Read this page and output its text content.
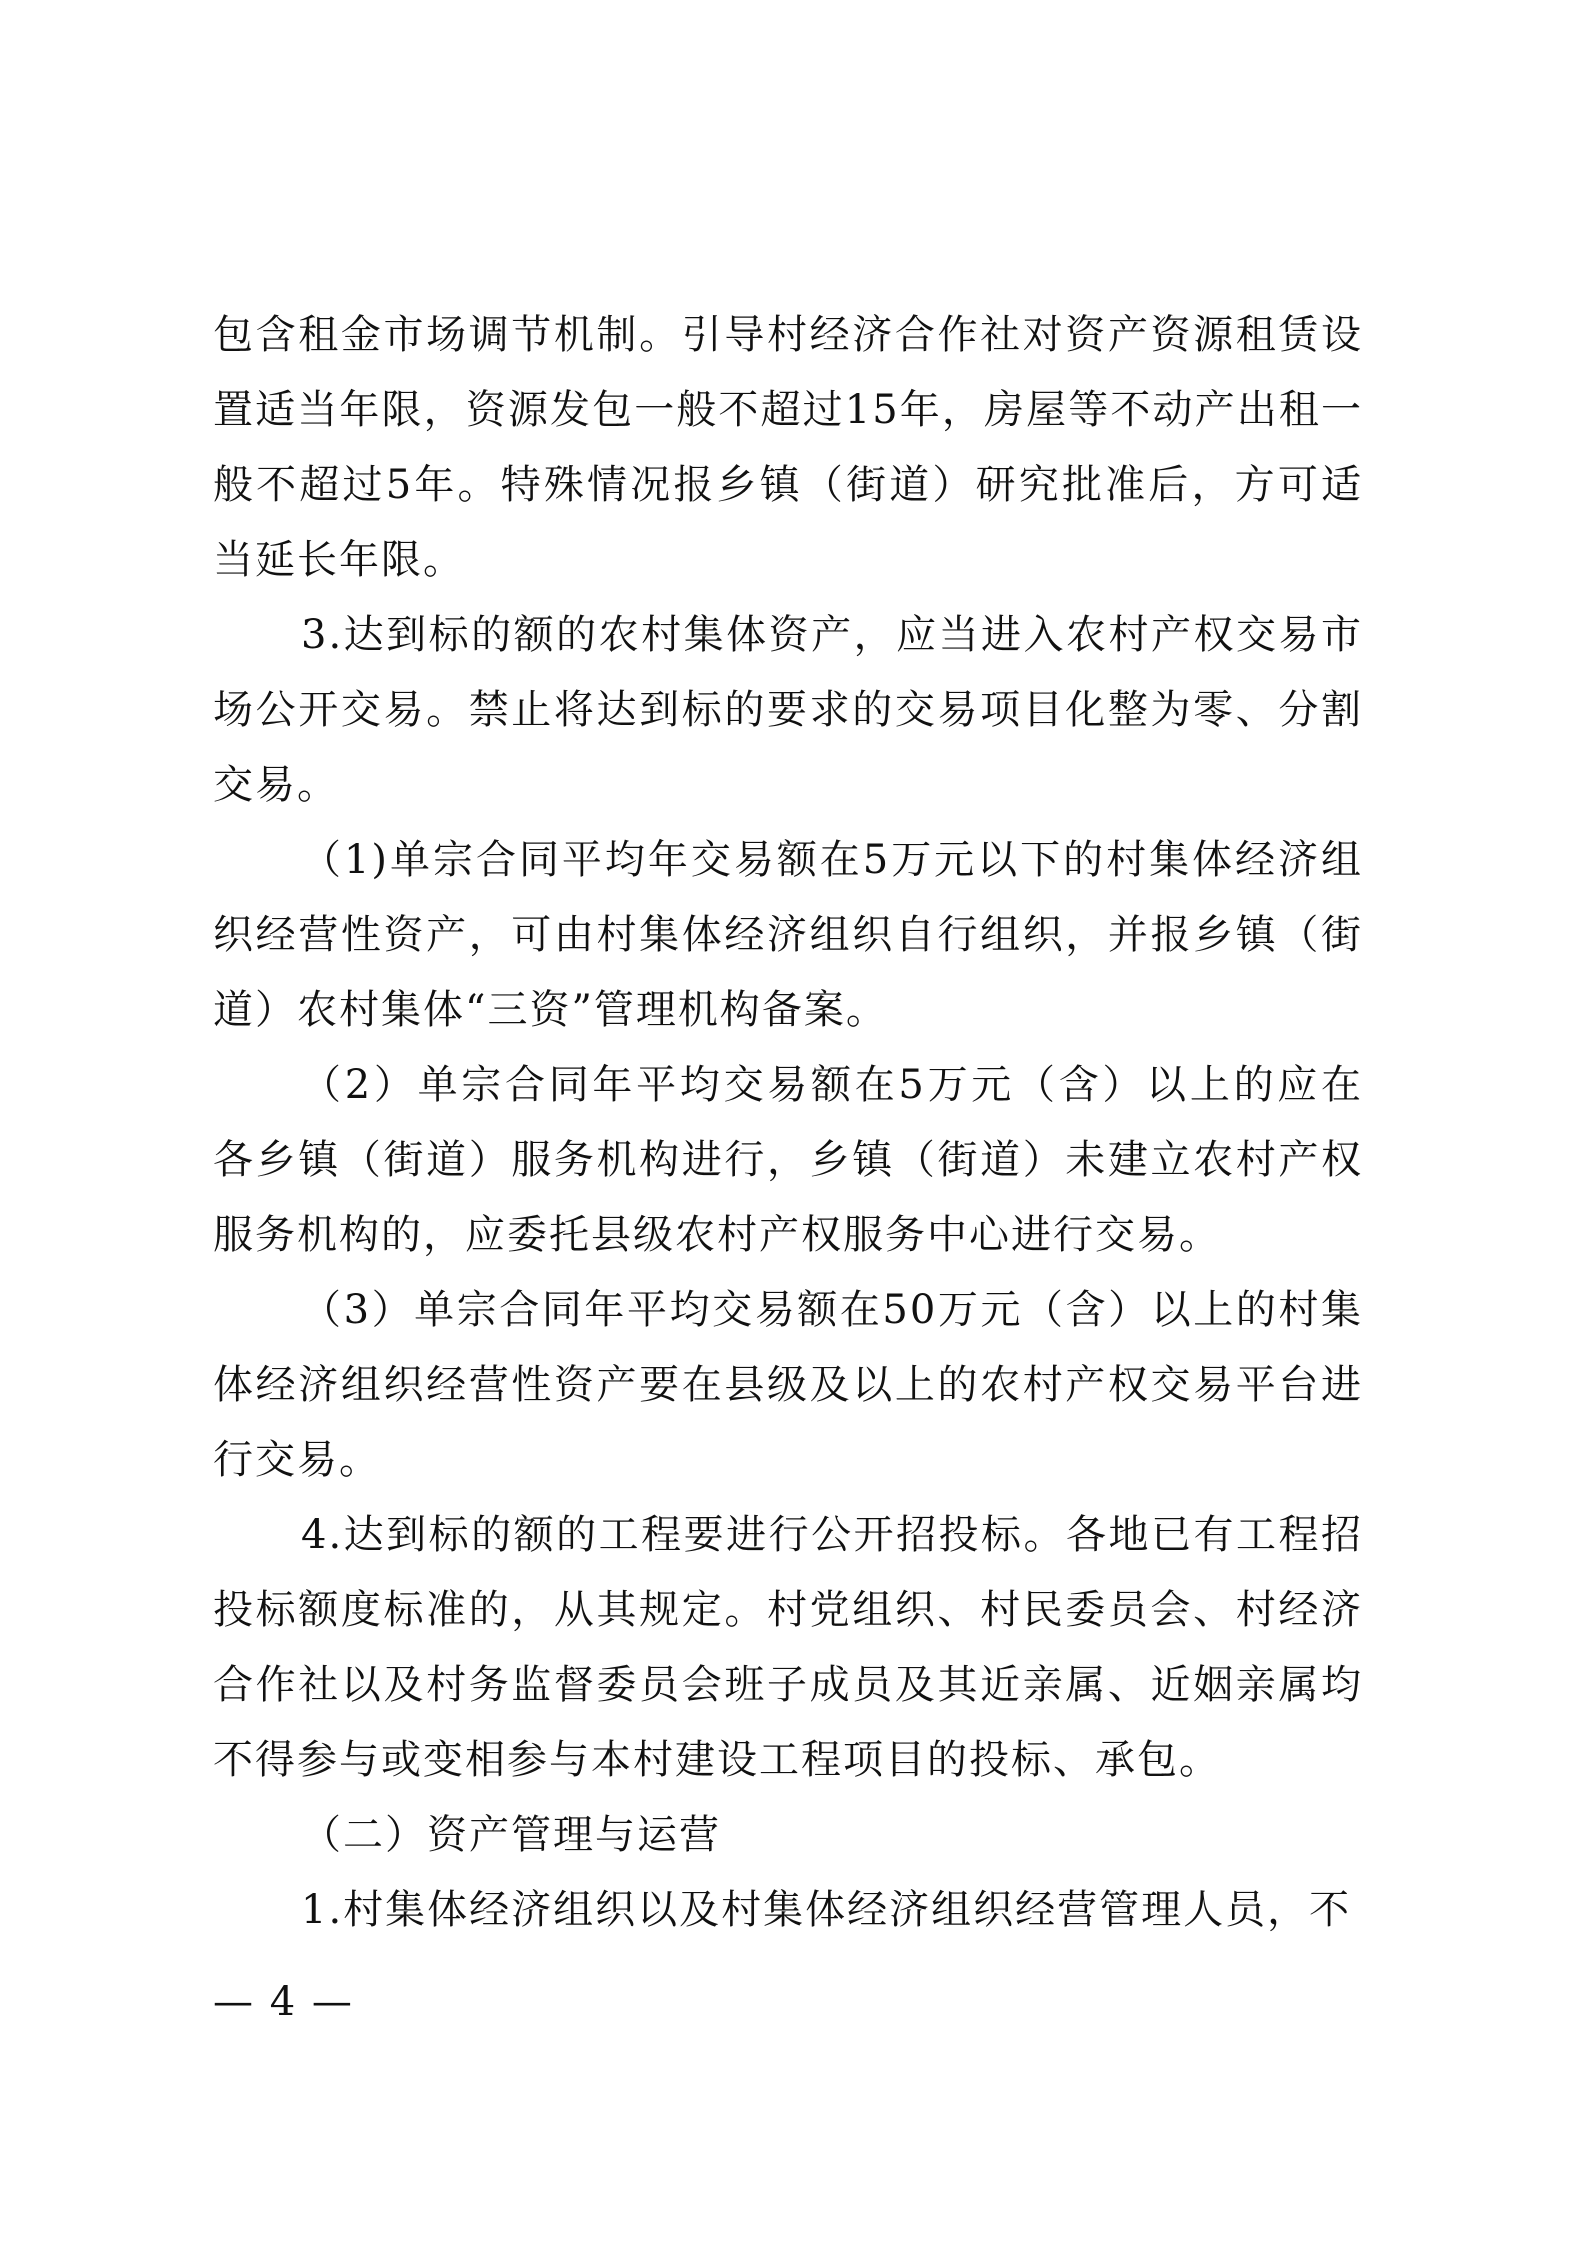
包含租金市场调节机制。引导村经济合作社对资产资源租赁设置适当年限，资源发包一般不超过15年，房屋等不动产出租一般不超过5年。特殊情况报乡镇（街道）研究批准后，方可适当延长年限。

3.达到标的额的农村集体资产，应当进入农村产权交易市场公开交易。禁止将达到标的要求的交易项目化整为零、分割交易。

（1)单宗合同平均年交易额在5万元以下的村集体经济组织经营性资产，可由村集体经济组织自行组织，并报乡镇（街道）农村集体“三资”管理机构备案。

（2）单宗合同年平均交易额在5万元（含）以上的应在各乡镇（街道）服务机构进行，乡镇（街道）未建立农村产权服务机构的，应委托县级农村产权服务中心进行交易。

（3）单宗合同年平均交易额在50万元（含）以上的村集体经济组织经营性资产要在县级及以上的农村产权交易平台进行交易。

4.达到标的额的工程要进行公开招投标。各地已有工程招投标额度标准的，从其规定。村党组织、村民委员会、村经济合作社以及村务监督委员会班子成员及其近亲属、近姻亲属均不得参与或变相参与本村建设工程项目的投标、承包。

（二）资产管理与运营

1.村集体经济组织以及村集体经济组织经营管理人员，不

— 4 —
